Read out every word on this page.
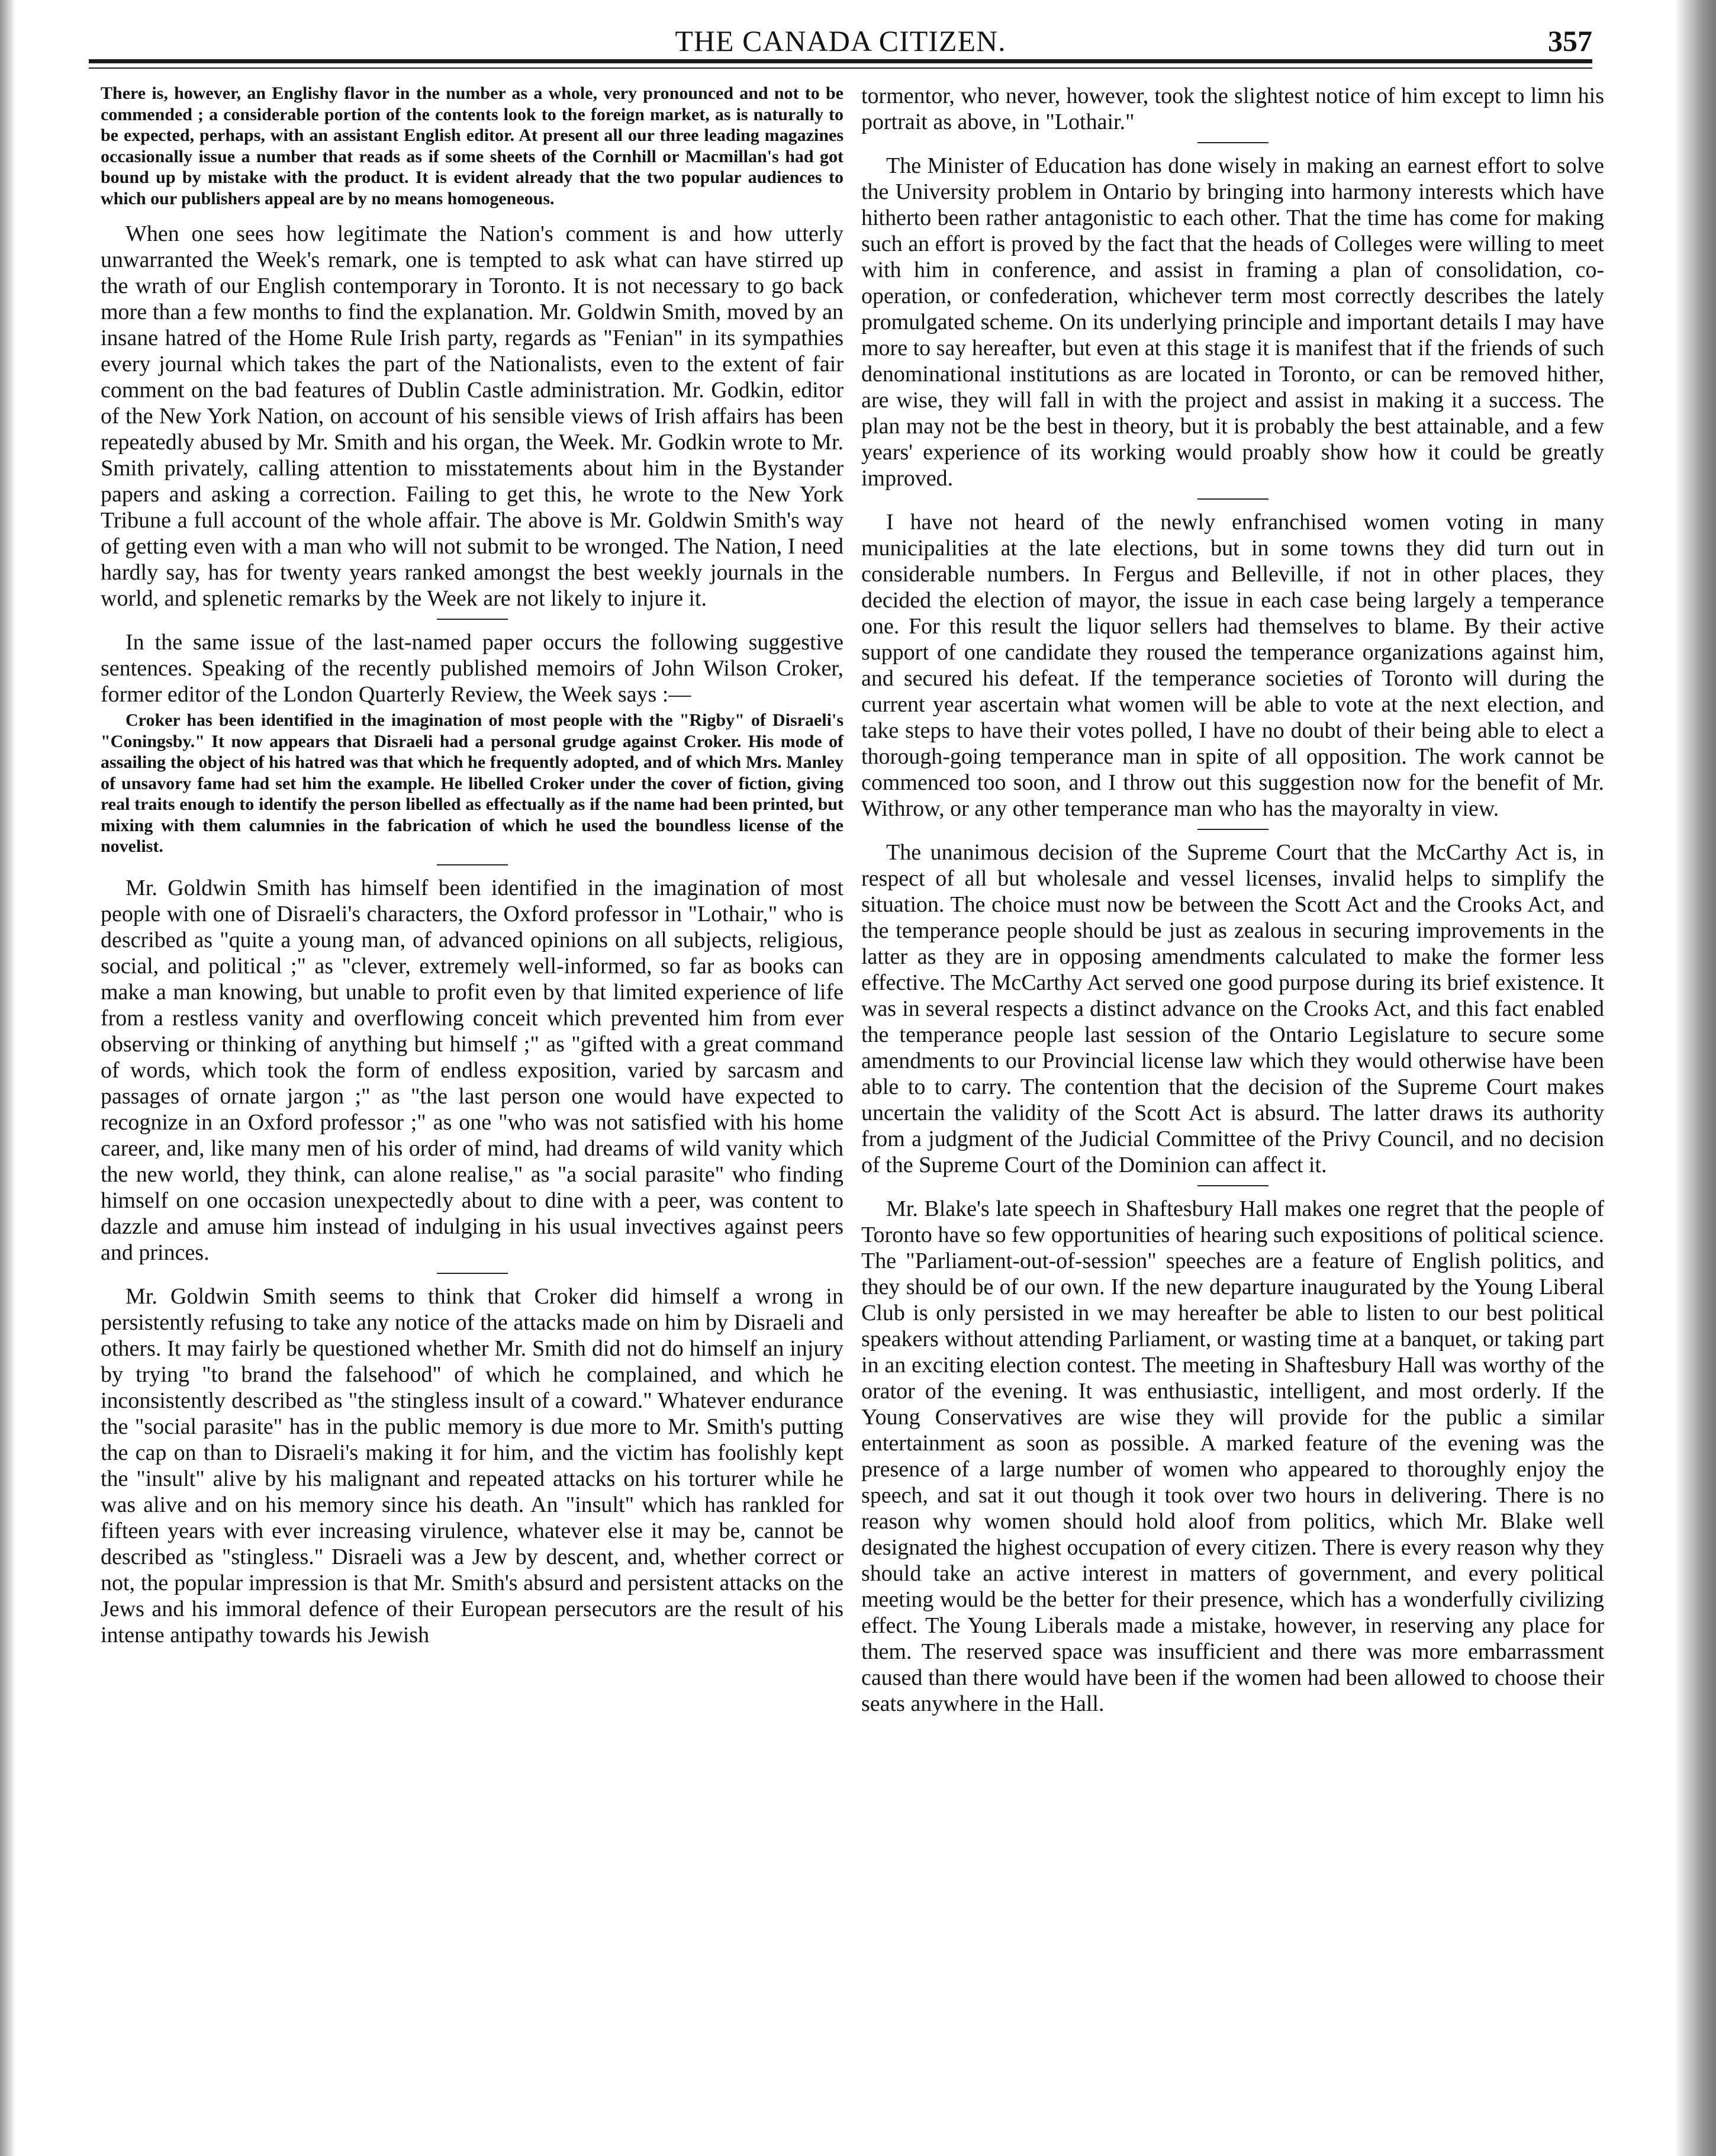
THE CANADA CITIZEN.	357

There is, however, an Englishy flavor in the number as a whole, very pronounced and not to be commended ; a considerable portion of the contents look to the foreign market, as is naturally to be expected, perhaps, with an assistant English editor. At present all our three leading magazines occasionally issue a number that reads as if some sheets of the Cornhill or Macmillan's had got bound up by mistake with the product. It is evident already that the two popular audiences to which our publishers appeal are by no means homogeneous.

When one sees how legitimate the Nation's comment is and how utterly unwarranted the Week's remark, one is tempted to ask what can have stirred up the wrath of our English contemporary in Toronto. It is not necessary to go back more than a few months to find the explanation. Mr. Goldwin Smith, moved by an insane hatred of the Home Rule Irish party, regards as "Fenian" in its sympathies every journal which takes the part of the Nationalists, even to the extent of fair comment on the bad features of Dublin Castle administration. Mr. Godkin, editor of the New York Nation, on account of his sensible views of Irish affairs has been repeatedly abused by Mr. Smith and his organ, the Week. Mr. Godkin wrote to Mr. Smith privately, calling attention to misstatements about him in the Bystander papers and asking a correction. Failing to get this, he wrote to the New York Tribune a full account of the whole affair. The above is Mr. Goldwin Smith's way of getting even with a man who will not submit to be wronged. The Nation, I need hardly say, has for twenty years ranked amongst the best weekly journals in the world, and splenetic remarks by the Week are not likely to injure it.

In the same issue of the last-named paper occurs the following suggestive sentences. Speaking of the recently published memoirs of John Wilson Croker, former editor of the London Quarterly Review, the Week says :—

Croker has been identified in the imagination of most people with the "Rigby" of Disraeli's "Coningsby." It now appears that Disraeli had a personal grudge against Croker. His mode of assailing the object of his hatred was that which he frequently adopted, and of which Mrs. Manley of unsavory fame had set him the example. He libelled Croker under the cover of fiction, giving real traits enough to identify the person libelled as effectually as if the name had been printed, but mixing with them calumnies in the fabrication of which he used the boundless license of the novelist.

Mr. Goldwin Smith has himself been identified in the imagination of most people with one of Disraeli's characters, the Oxford professor in "Lothair," who is described as "quite a young man, of advanced opinions on all subjects, religious, social, and political ;" as "clever, extremely well-informed, so far as books can make a man knowing, but unable to profit even by that limited experience of life from a restless vanity and overflowing conceit which prevented him from ever observing or thinking of anything but himself ;" as "gifted with a great command of words, which took the form of endless exposition, varied by sarcasm and passages of ornate jargon ;" as "the last person one would have expected to recognize in an Oxford professor ;" as one "who was not satisfied with his home career, and, like many men of his order of mind, had dreams of wild vanity which the new world, they think, can alone realise," as "a social parasite" who finding himself on one occasion unexpectedly about to dine with a peer, was content to dazzle and amuse him instead of indulging in his usual invectives against peers and princes.

Mr. Goldwin Smith seems to think that Croker did himself a wrong in persistently refusing to take any notice of the attacks made on him by Disraeli and others. It may fairly be questioned whether Mr. Smith did not do himself an injury by trying "to brand the falsehood" of which he complained, and which he inconsistently described as "the stingless insult of a coward." Whatever endurance the "social parasite" has in the public memory is due more to Mr. Smith's putting the cap on than to Disraeli's making it for him, and the victim has foolishly kept the "insult" alive by his malignant and repeated attacks on his torturer while he was alive and on his memory since his death. An "insult" which has rankled for fifteen years with ever increasing virulence, whatever else it may be, cannot be described as "stingless." Disraeli was a Jew by descent, and, whether correct or not, the popular impression is that Mr. Smith's absurd and persistent attacks on the Jews and his immoral defence of their European persecutors are the result of his intense antipathy towards his Jewish

tormentor, who never, however, took the slightest notice of him except to limn his portrait as above, in "Lothair."

The Minister of Education has done wisely in making an earnest effort to solve the University problem in Ontario by bringing into harmony interests which have hitherto been rather antagonistic to each other. That the time has come for making such an effort is proved by the fact that the heads of Colleges were willing to meet with him in conference, and assist in framing a plan of consolidation, co-operation, or confederation, whichever term most correctly describes the lately promulgated scheme. On its underlying principle and important details I may have more to say hereafter, but even at this stage it is manifest that if the friends of such denominational institutions as are located in Toronto, or can be removed hither, are wise, they will fall in with the project and assist in making it a success. The plan may not be the best in theory, but it is probably the best attainable, and a few years' experience of its working would proably show how it could be greatly improved.

I have not heard of the newly enfranchised women voting in many municipalities at the late elections, but in some towns they did turn out in considerable numbers. In Fergus and Belleville, if not in other places, they decided the election of mayor, the issue in each case being largely a temperance one. For this result the liquor sellers had themselves to blame. By their active support of one candidate they roused the temperance organizations against him, and secured his defeat. If the temperance societies of Toronto will during the current year ascertain what women will be able to vote at the next election, and take steps to have their votes polled, I have no doubt of their being able to elect a thorough-going temperance man in spite of all opposition. The work cannot be commenced too soon, and I throw out this suggestion now for the benefit of Mr. Withrow, or any other temperance man who has the mayoralty in view.

The unanimous decision of the Supreme Court that the McCarthy Act is, in respect of all but wholesale and vessel licenses, invalid helps to simplify the situation. The choice must now be between the Scott Act and the Crooks Act, and the temperance people should be just as zealous in securing improvements in the latter as they are in opposing amendments calculated to make the former less effective. The McCarthy Act served one good purpose during its brief existence. It was in several respects a distinct advance on the Crooks Act, and this fact enabled the temperance people last session of the Ontario Legislature to secure some amendments to our Provincial license law which they would otherwise have been able to to carry. The contention that the decision of the Supreme Court makes uncertain the validity of the Scott Act is absurd. The latter draws its authority from a judgment of the Judicial Committee of the Privy Council, and no decision of the Supreme Court of the Dominion can affect it.

Mr. Blake's late speech in Shaftesbury Hall makes one regret that the people of Toronto have so few opportunities of hearing such expositions of political science. The "Parliament-out-of-session" speeches are a feature of English politics, and they should be of our own. If the new departure inaugurated by the Young Liberal Club is only persisted in we may hereafter be able to listen to our best political speakers without attending Parliament, or wasting time at a banquet, or taking part in an exciting election contest. The meeting in Shaftesbury Hall was worthy of the orator of the evening. It was enthusiastic, intelligent, and most orderly. If the Young Conservatives are wise they will provide for the public a similar entertainment as soon as possible. A marked feature of the evening was the presence of a large number of women who appeared to thoroughly enjoy the speech, and sat it out though it took over two hours in delivering. There is no reason why women should hold aloof from politics, which Mr. Blake well designated the highest occupation of every citizen. There is every reason why they should take an active interest in matters of government, and every political meeting would be the better for their presence, which has a wonderfully civilizing effect. The Young Liberals made a mistake, however, in reserving any place for them. The reserved space was insufficient and there was more embarrassment caused than there would have been if the women had been allowed to choose their seats anywhere in the Hall.
